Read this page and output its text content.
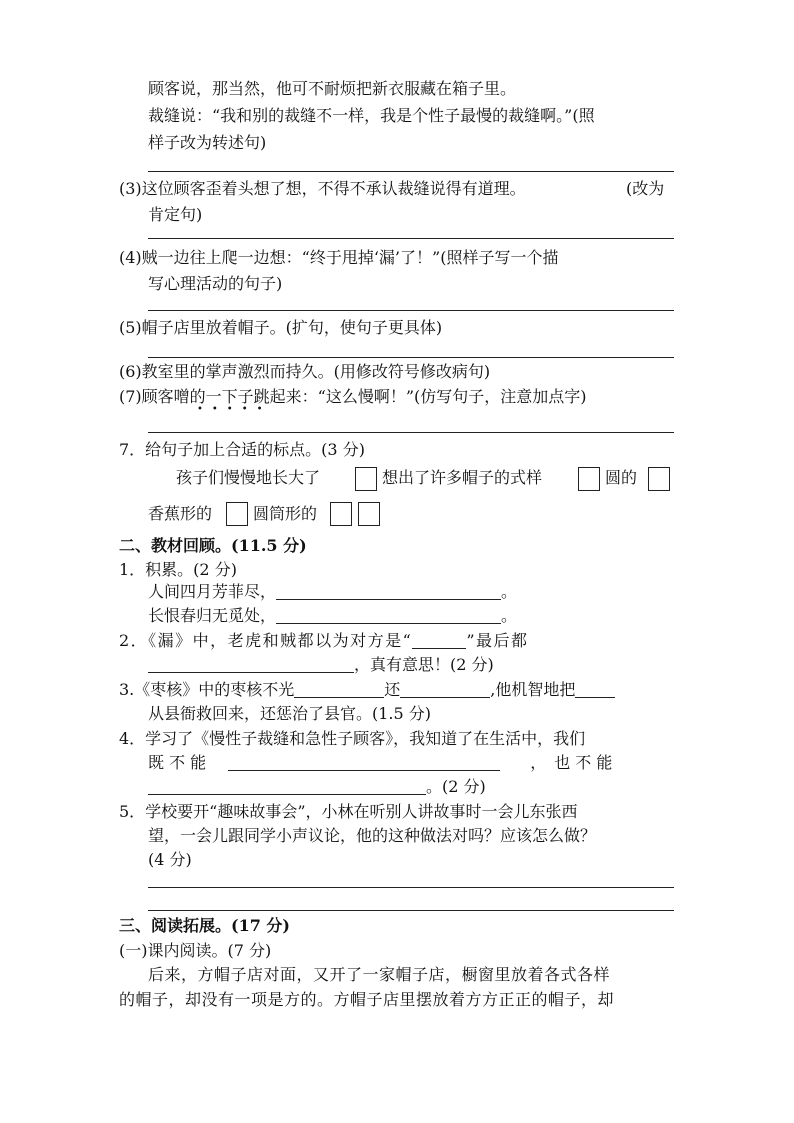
顾客说，那当然，他可不耐烦把新衣服藏在箱子里。
裁缝说：“我和别的裁缝不一样，我是个性子最慢的裁缝啊。”(照
样子改为转述句)
(3)这位顾客歪着头想了想，不得不承认裁缝说得有道理。	(改为
肯定句)
(4)贼一边往上爬一边想：“终于甩掉‘漏’了！”(照样子写一个描
写心理活动的句子)
(5)帽子店里放着帽子。(扩句，使句子更具体)
(6)教室里的掌声激烈而持久。(用修改符号修改病句)
(7)顾客噌的一下子跳起来：“这么慢啊！”(仿写句子，注意加点字)
•••••
7．给句子加上合适的标点。(3 分)
孩子们慢慢地长大了	想出了许多帽子的式样	圆的
香蕉形的	圆筒形的
二、教材回顾。(11.5 分)
1．积累。(2 分)
人间四月芳菲尽，	。
长恨春归无觅处，	。
2．《漏》中，老虎和贼都以为对方是“	”最后都
，真有意思！(2 分)
3.《枣核》中的枣核不光	还	,他机智地把
从县衙救回来，还惩治了县官。(1.5 分)
4．学习了《慢性子裁缝和急性子顾客》，我知道了在生活中，我们
既 不 能	，　也 不 能
。(2 分)
5．学校要开“趣味故事会”，小林在听别人讲故事时一会儿东张西
望，一会儿跟同学小声议论，他的这种做法对吗？应该怎么做？
(4 分)
三、阅读拓展。(17 分)
(一)课内阅读。(7 分)
后来，方帽子店对面，又开了一家帽子店，橱窗里放着各式各样
的帽子，却没有一项是方的。方帽子店里摆放着方方正正的帽子，却
